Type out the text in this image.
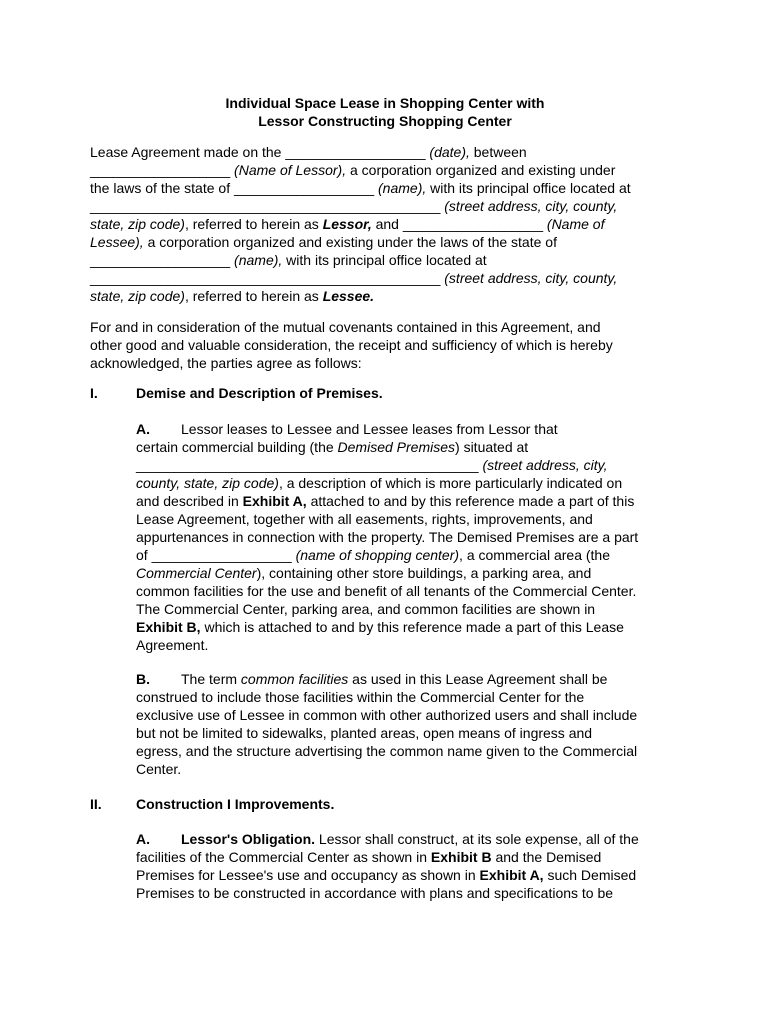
Individual Space Lease in Shopping Center with
Lessor Constructing Shopping Center
Lease Agreement made on the __________________ (date), between
__________________ (Name of Lessor), a corporation organized and existing under
the laws of the state of __________________ (name), with its principal office located at
_____________________________________________ (street address, city, county,
state, zip code), referred to herein as Lessor, and __________________ (Name of
Lessee), a corporation organized and existing under the laws of the state of
__________________ (name), with its principal office located at
_____________________________________________ (street address, city, county,
state, zip code), referred to herein as Lessee.
For and in consideration of the mutual covenants contained in this Agreement, and
other good and valuable consideration, the receipt and sufficiency of which is hereby
acknowledged, the parties agree as follows:
I.	Demise and Description of Premises.
A. Lessor leases to Lessee and Lessee leases from Lessor that
certain commercial building (the Demised Premises) situated at
____________________________________________ (street address, city,
county, state, zip code), a description of which is more particularly indicated on
and described in Exhibit A, attached to and by this reference made a part of this
Lease Agreement, together with all easements, rights, improvements, and
appurtenances in connection with the property. The Demised Premises are a part
of __________________ (name of shopping center), a commercial area (the
Commercial Center), containing other store buildings, a parking area, and
common facilities for the use and benefit of all tenants of the Commercial Center.
The Commercial Center, parking area, and common facilities are shown in
Exhibit B, which is attached to and by this reference made a part of this Lease
Agreement.
B. The term common facilities as used in this Lease Agreement shall be
construed to include those facilities within the Commercial Center for the
exclusive use of Lessee in common with other authorized users and shall include
but not be limited to sidewalks, planted areas, open means of ingress and
egress, and the structure advertising the common name given to the Commercial
Center.
II. Construction I Improvements.
A. Lessor's Obligation. Lessor shall construct, at its sole expense, all of the
facilities of the Commercial Center as shown in Exhibit B and the Demised
Premises for Lessee's use and occupancy as shown in Exhibit A, such Demised
Premises to be constructed in accordance with plans and specifications to be
